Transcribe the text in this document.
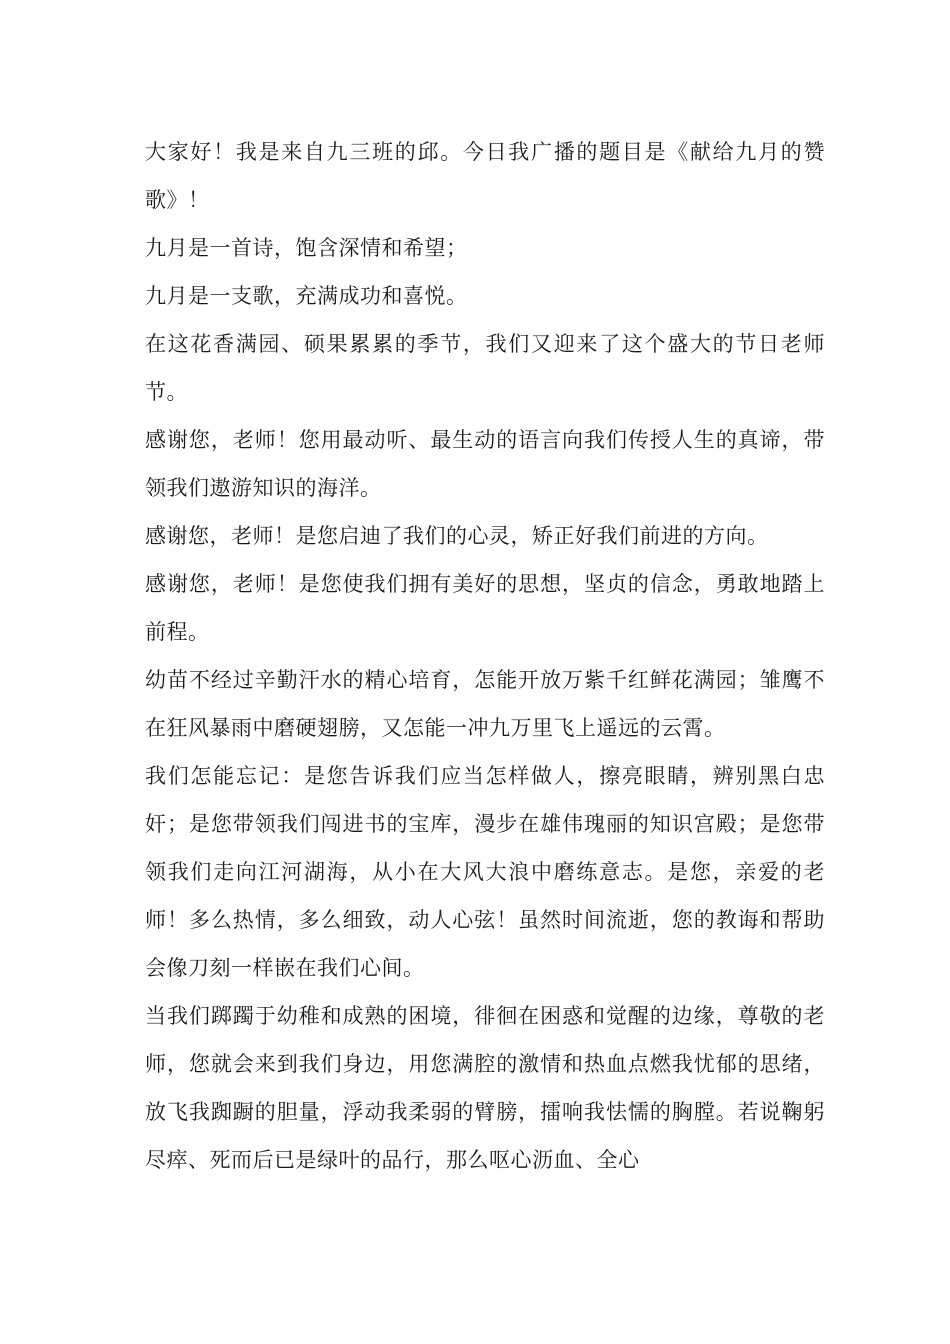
大家好！我是来自九三班的邱。今日我广播的题目是《献给九月的赞歌》！

九月是一首诗，饱含深情和希望；

九月是一支歌，充满成功和喜悦。

在这花香满园、硕果累累的季节，我们又迎来了这个盛大的节日老师节。

感谢您，老师！您用最动听、最生动的语言向我们传授人生的真谛，带领我们遨游知识的海洋。

感谢您，老师！是您启迪了我们的心灵，矫正好我们前进的方向。

感谢您，老师！是您使我们拥有美好的思想，坚贞的信念，勇敢地踏上前程。

幼苗不经过辛勤汗水的精心培育，怎能开放万紫千红鲜花满园；雏鹰不在狂风暴雨中磨硬翅膀，又怎能一冲九万里飞上遥远的云霄。

我们怎能忘记：是您告诉我们应当怎样做人，擦亮眼睛，辨别黑白忠奸；是您带领我们闯进书的宝库，漫步在雄伟瑰丽的知识宫殿；是您带领我们走向江河湖海，从小在大风大浪中磨练意志。是您，亲爱的老师！多么热情，多么细致，动人心弦！虽然时间流逝，您的教诲和帮助会像刀刻一样嵌在我们心间。

当我们踯躅于幼稚和成熟的困境，徘徊在困惑和觉醒的边缘，尊敬的老师，您就会来到我们身边，用您满腔的激情和热血点燃我忧郁的思绪，放飞我踟蹰的胆量，浮动我柔弱的臂膀，擂响我怯懦的胸膛。若说鞠躬尽瘁、死而后已是绿叶的品行，那么呕心沥血、全心
